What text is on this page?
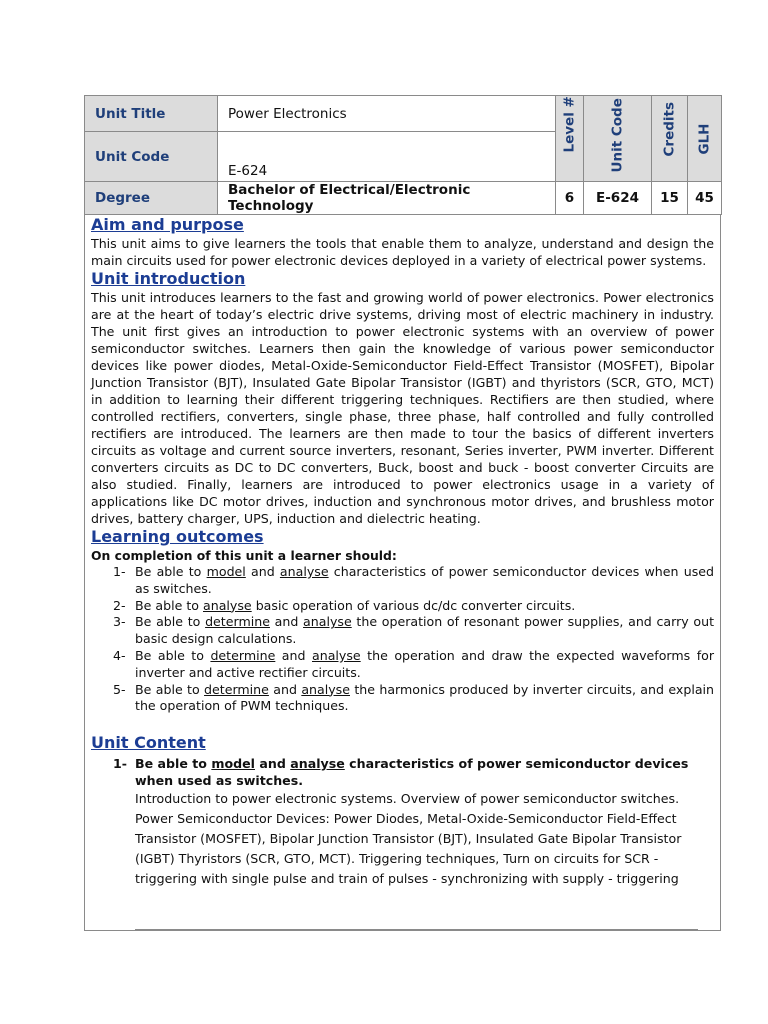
Unit Title	Power Electronics	Level #	Unit Code	Credits	GLH

Unit Code	E-624				
Degree	Bachelor of Electrical/Electronic Technology	6	E-624	15	45
Aim and purpose

This unit aims to give learners the tools that enable them to analyze, understand and design the main circuits used for power electronic devices deployed in a variety of electrical power systems.

Unit introduction

This unit introduces learners to the fast and growing world of power electronics. Power electronics are at the heart of today’s electric drive systems, driving most of electric machinery in industry. The unit first gives an introduction to power electronic systems with an overview of power semiconductor switches. Learners then gain the knowledge of various power semiconductor devices like power diodes, Metal-Oxide-Semiconductor Field-Effect Transistor (MOSFET), Bipolar Junction Transistor (BJT), Insulated Gate Bipolar Transistor (IGBT) and thyristors (SCR, GTO, MCT) in addition to learning their different triggering techniques. Rectifiers are then studied, where controlled rectifiers, converters, single phase, three phase, half controlled and fully controlled rectifiers are introduced. The learners are then made to tour the basics of different inverters circuits as voltage and current source inverters, resonant, Series inverter, PWM inverter. Different converters circuits as DC to DC converters, Buck, boost and buck - boost converter Circuits are also studied. Finally, learners are introduced to power electronics usage in a variety of applications like DC motor drives, induction and synchronous motor drives, and brushless motor drives, battery charger, UPS, induction and dielectric heating.

Learning outcomes

On completion of this unit a learner should:

1- Be able to model and analyse characteristics of power semiconductor devices when used as switches.
2- Be able to analyse basic operation of various dc/dc converter circuits.
3- Be able to determine and analyse the operation of resonant power supplies, and carry out basic design calculations.
4- Be able to determine and analyse the operation and draw the expected waveforms for inverter and active rectifier circuits.
5- Be able to determine and analyse the harmonics produced by inverter circuits, and explain the operation of PWM techniques.
Unit Content
1- Be able to model and analyse characteristics of power semiconductor devices when used as switches.

Introduction to power electronic systems. Overview of power semiconductor switches. Power Semiconductor Devices: Power Diodes, Metal-Oxide-Semiconductor Field-Effect Transistor (MOSFET), Bipolar Junction Transistor (BJT), Insulated Gate Bipolar Transistor (IGBT) Thyristors (SCR, GTO, MCT). Triggering techniques, Turn on circuits for SCR - triggering with single pulse and train of pulses - synchronizing with supply - triggering
